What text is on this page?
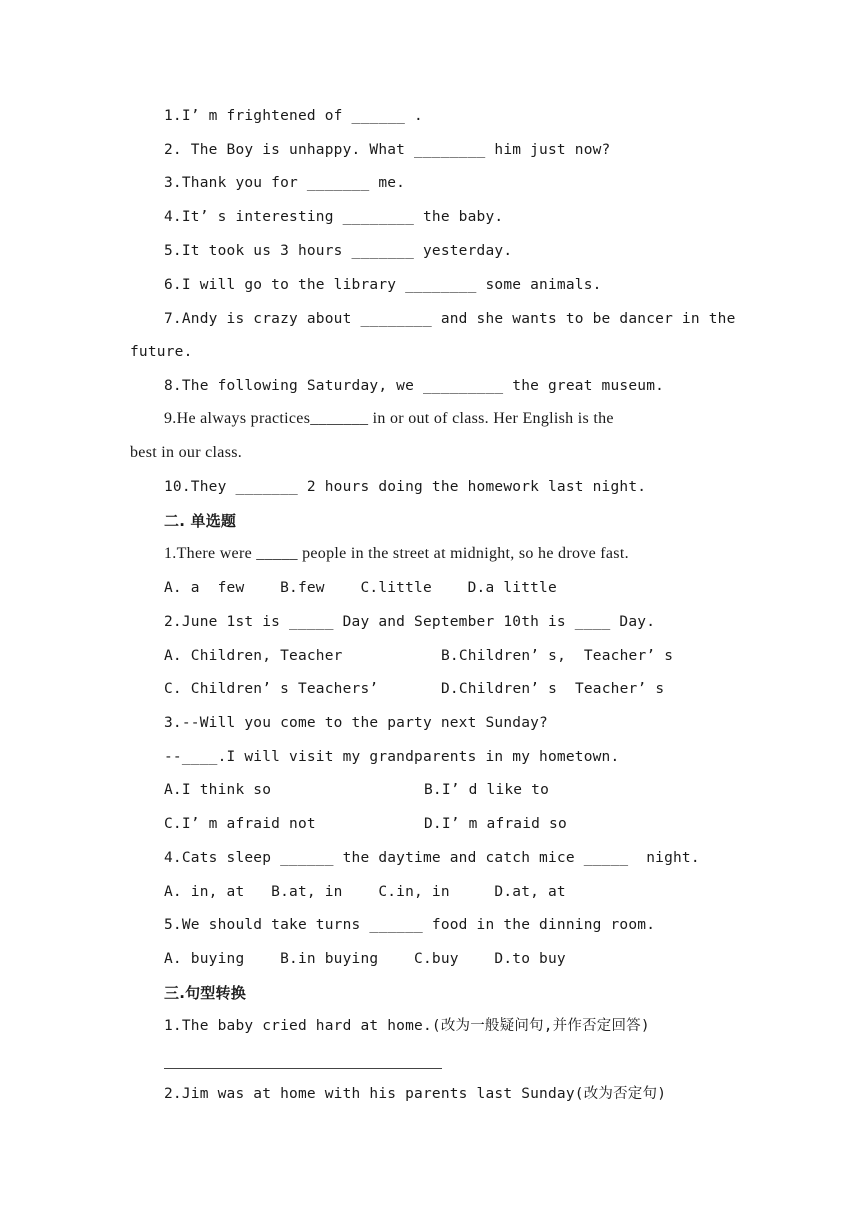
1.I’ m frightened of ______ .
2. The Boy is unhappy. What ________ him just now?
3.Thank you for _______ me.
4.It’ s interesting ________ the baby.
5.It took us 3 hours _______ yesterday.
6.I will go to the library ________ some animals.
7.Andy is crazy about ________ and she wants to be dancer in the
future.
8.The following Saturday, we _________ the great museum.
9.He always practices_______ in or out of class. Her English is the
best in our class.
10.They _______ 2 hours doing the homework last night.
二. 单选题
1.There were _____ people in the street at midnight, so he drove fast.
A. a  few    B.few    C.little    D.a little
2.June 1st is _____ Day and September 10th is ____ Day.
A. Children, Teacher	B.Children’ s,  Teacher’ s
C. Children’ s Teachers’	D.Children’ s  Teacher’ s
3.--Will you come to the party next Sunday?
--____.I will visit my grandparents in my hometown.
A.I think so	B.I’ d like to
C.I’ m afraid not	D.I’ m afraid so
4.Cats sleep ______ the daytime and catch mice _____  night.
A. in, at   B.at, in    C.in, in     D.at, at
5.We should take turns ______ food in the dinning room.
A. buying    B.in buying    C.buy    D.to buy
三.句型转换
1.The baby cried hard at home.(改为一般疑问句,并作否定回答)
2.Jim was at home with his parents last Sunday(改为否定句)
